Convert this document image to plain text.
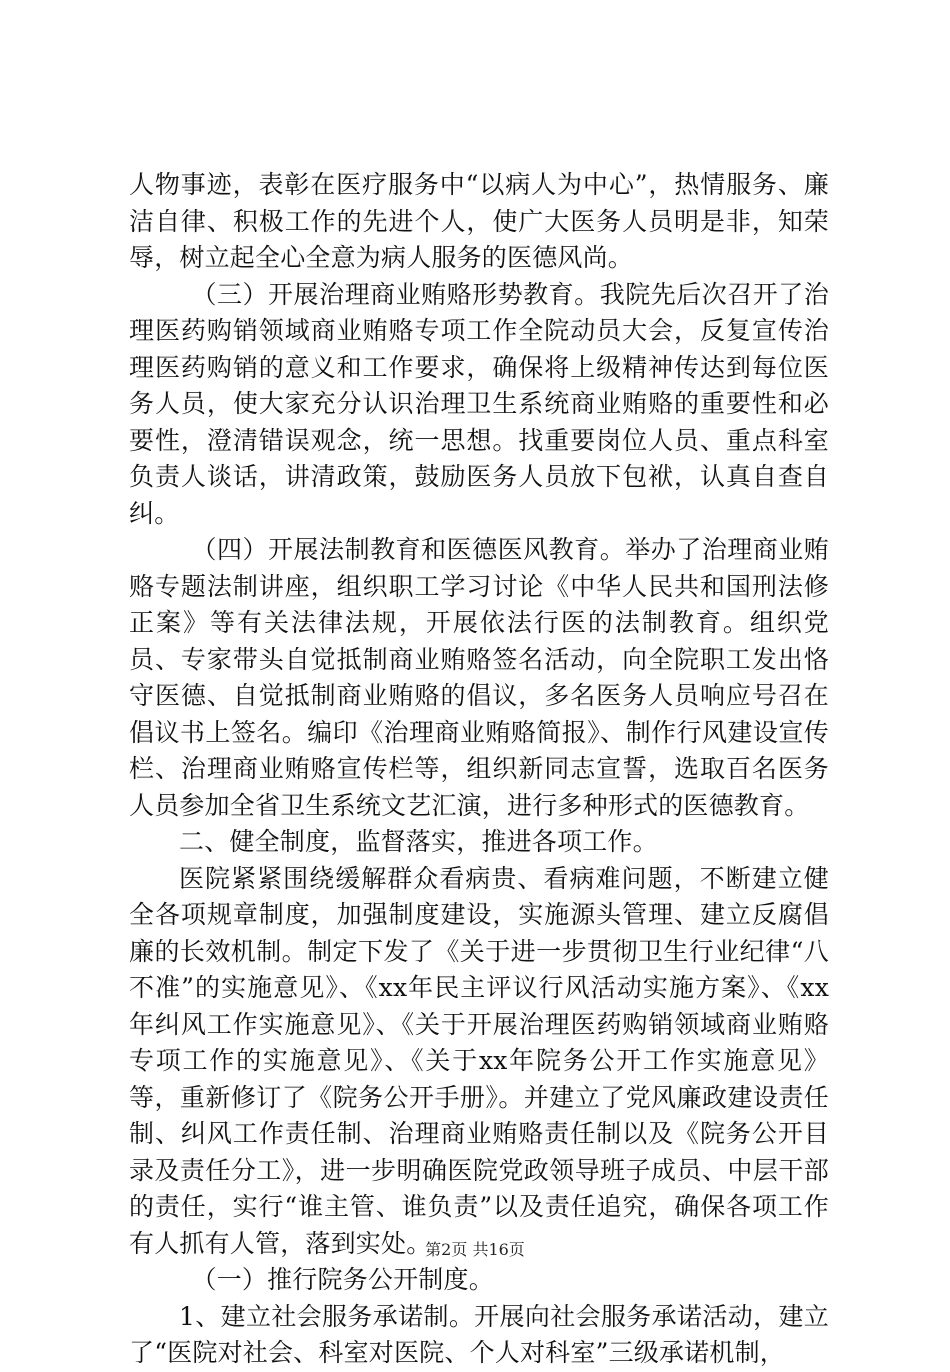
人物事迹，表彰在医疗服务中“以病人为中心”，热情服务、廉洁自律、积极工作的先进个人，使广大医务人员明是非，知荣辱，树立起全心全意为病人服务的医德风尚。

（三）开展治理商业贿赂形势教育。我院先后次召开了治理医药购销领域商业贿赂专项工作全院动员大会，反复宣传治理医药购销的意义和工作要求，确保将上级精神传达到每位医务人员，使大家充分认识治理卫生系统商业贿赂的重要性和必要性，澄清错误观念，统一思想。找重要岗位人员、重点科室负责人谈话，讲清政策，鼓励医务人员放下包袱，认真自查自纠。

（四）开展法制教育和医德医风教育。举办了治理商业贿赂专题法制讲座，组织职工学习讨论《中华人民共和国刑法修正案》等有关法律法规，开展依法行医的法制教育。组织党员、专家带头自觉抵制商业贿赂签名活动，向全院职工发出恪守医德、自觉抵制商业贿赂的倡议，多名医务人员响应号召在倡议书上签名。编印《治理商业贿赂简报》、制作行风建设宣传栏、治理商业贿赂宣传栏等，组织新同志宣誓，选取百名医务人员参加全省卫生系统文艺汇演，进行多种形式的医德教育。

二、健全制度，监督落实，推进各项工作。

医院紧紧围绕缓解群众看病贵、看病难问题，不断建立健全各项规章制度，加强制度建设，实施源头管理、建立反腐倡廉的长效机制。制定下发了《关于进一步贯彻卫生行业纪律“八不准”的实施意见》、《xx年民主评议行风活动实施方案》、《xx年纠风工作实施意见》、《关于开展治理医药购销领域商业贿赂专项工作的实施意见》、《关于xx年院务公开工作实施意见》等，重新修订了《院务公开手册》。并建立了党风廉政建设责任制、纠风工作责任制、治理商业贿赂责任制以及《院务公开目录及责任分工》，进一步明确医院党政领导班子成员、中层干部的责任，实行“谁主管、谁负责”以及责任追究，确保各项工作有人抓有人管，落到实处。

（一）推行院务公开制度。

1、建立社会服务承诺制。开展向社会服务承诺活动，建立了“医院对社会、科室对医院、个人对科室”三级承诺机制，

第2页 共16页
